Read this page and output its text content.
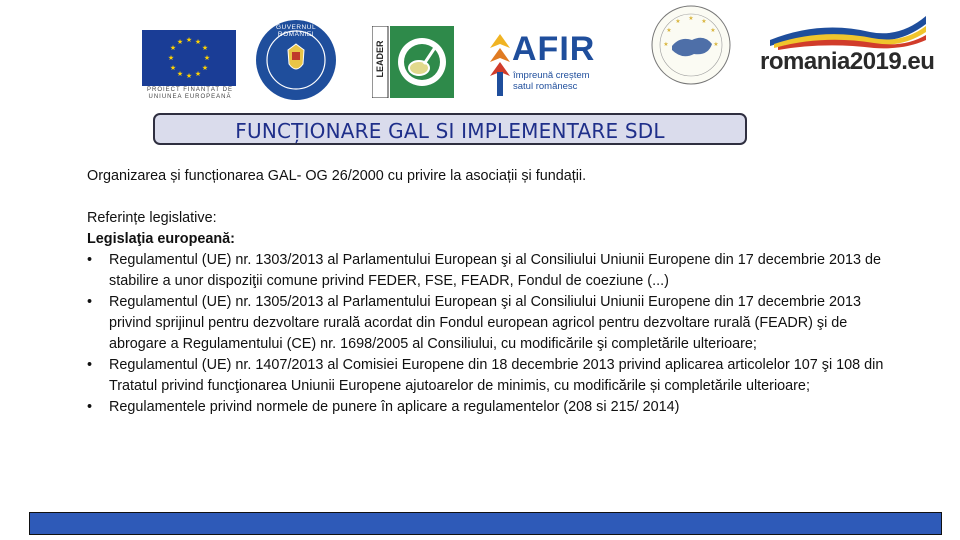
★ ★
★
★
★
★
★
★
★
★
★
★
PROIECT FINANȚAT DE UNIUNEA EUROPEANĂ
GUVERNUL ROMÂNIEI
LEADER	AFIR
împreună creștem
satul românesc
★ ★
★
★
★
★
★
romania2019.eu
FUNCȚIONARE GAL SI IMPLEMENTARE SDL

Organizarea și funcționarea GAL- OG 26/2000 cu privire la asociații și fundații.

Referințe legislative:

Legislaţia europeană:

•	Regulamentul (UE) nr. 1303/2013 al Parlamentului European şi al Consiliului Uniunii Europene din 17 decembrie 2013 de stabilire a unor dispoziţii comune privind FEDER, FSE, FEADR, Fondul de coeziune (...)
•	Regulamentul (UE) nr. 1305/2013 al Parlamentului European şi al Consiliului Uniunii Europene din 17 decembrie 2013 privind sprijinul pentru dezvoltare rurală acordat din Fondul european agricol pentru dezvoltare rurală (FEADR) şi de abrogare a Regulamentului (CE) nr. 1698/2005 al Consiliului, cu modificările şi completările ulterioare;
•	Regulamentul (UE) nr. 1407/2013 al Comisiei Europene din 18 decembrie 2013 privind aplicarea articolelor 107 şi 108 din Tratatul privind funcţionarea Uniunii Europene ajutoarelor de minimis, cu modificările și completările ulterioare;
•	Regulamentele privind normele de punere în aplicare a regulamentelor (208 si 215/ 2014)
